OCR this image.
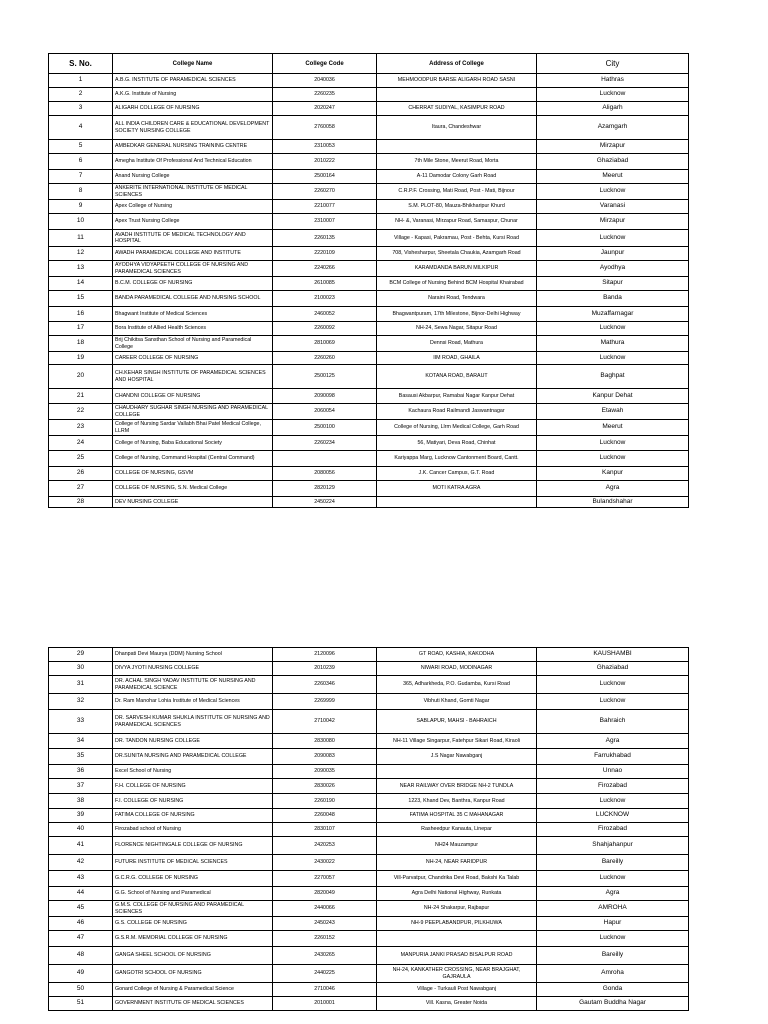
S. No.	College Name	College Code	Address of College	City
1	A.B.G. INSTITUTE OF PARAMEDICAL SCIENCES	2040036	MEHMOODPUR BARSE ALIGARH ROAD SASNI	Hathras
2	A.K.G. Institute of Nursing	2260235		Lucknow
3	ALIGARH COLLEGE OF NURSING	2020247	CHERRAT SUDIYAL, KASIMPUR ROAD	Aligarh
4	ALL INDIA CHILDREN CARE & EDUCATIONAL DEVELOPMENT SOCIETY NURSING COLLEGE	2760058	Itaura, Chandeshwar	Azamgarh
5	AMBEDKAR GENERAL NURSING TRAINING CENTRE	2310053		Mirzapur
6	Amegha Institute Of Professional And Technical Education	2010222	7th Mile Stone, Meerut Road, Morta	Ghaziabad
7	Anand Nursing College	2500164	A-11 Damodar Colony Garh Road	Meerut
8	ANKERITE INTERNATIONAL INSTITUTE OF MEDICAL SCIENCES	2260270	C.R.P.F. Crossing, Mati Road, Post - Mati, Bijnour	Lucknow
9	Apex College of Nursing	2210077	S.M. PLOT-80, Mauza-Bhikharipur Khurd	Varanasi
10	Apex Trust Nursing College	2310007	NH- &, Varanasi, Mirzapur Road, Samaspur, Chunar	Mirzapur
11	AVADH INSTITUTE OF MEDICAL TECHNOLOGY AND HOSPITAL	2260135	Village - Kapasi, Pakramau, Post - Behta, Kursi Road	Lucknow
12	AWADH PARAMEDICAL COLLEGE AND INSTITUTE	2220109	708, Vishesharpur, Sheetala Chaukia, Azamgarh Road	Jaunpur
13	AYODHYA VIDYAPEETH COLLEGE OF NURSING AND PARAMEDICAL SCIENCES	2240266	KARAMDANDA BARUN MILKIPUR	Ayodhya
14	B.C.M. COLLEGE OF NURSING	2610085	BCM College of Nursing Behind BCM Hospital Khairabad	Sitapur
15	BANDA PARAMEDICAL COLLEGE AND NURSING SCHOOL	2100023	Naraini Road, Tendwara	Banda
16	Bhagwant Institute of Medical Sciences	2460052	Bhagwantpuram, 17th Milestone, Bijnor-Delhi Highway	Muzaffarnagar
17	Bora Institute of Allied Health Sciences	2260092	NH-24, Sewa Nagar, Sitapur Road	Lucknow
18	Brij Chikitsa Sansthan School of Nursing and Paramedical College	2810069	Dennsi Road, Mathura	Mathura
19	CAREER COLLEGE OF NURSING	2260260	IIM ROAD, GHAILA	Lucknow
20	CH.KEHAR SINGH INSTITUTE OF PARAMEDICAL SCIENCES AND HOSPITAL	2500125	KOTANA ROAD, BARAUT	Baghpat
21	CHANDNI COLLEGE OF NURSING	2090098	Basausi Akbarpur, Ramabai Nagar Kanpur Dehat	Kanpur Dehat
22	CHAUDHARY SUGHAR SINGH NURSING AND PARAMEDICAL COLLEGE	2060054	Kachaura Road Railmandi Jaswantnagar	Etawah
23	College of Nursing Sardar Vallabh Bhai Patel Medical College, LLRM	2500100	College of Nursing, Llrm Medical College, Garh Road	Meerut
24	College of Nursing, Baba Educational Society	2260234	56, Matiyari, Deva Road, Chinhat	Lucknow
25	College of Nursing, Command Hospital (Central Command)		Kariyappa Marg, Lucknow Cantonment Board, Cantt.	Lucknow
26	COLLEGE OF NURSING, GSVM	2080056	J.K. Cancer Campus, G.T. Road	Kanpur
27	COLLEGE OF NURSING, S.N. Medical College	2820129	MOTI KATRA AGRA	Agra
28	DEV NURSING COLLEGE	2450224		Bulandshahar
29	Dhanpati Devi Maurya (DDM) Nursing School	2120096	GT ROAD, KASHIA, KAKODHA	KAUSHAMBI
30	DIVYA JYOTI NURSING COLLEGE	2010239	NIWARI ROAD, MODINAGAR	Ghaziabad
31	DR. ACHAL SINGH YADAV INSTITUTE OF NURSING AND PARAMEDICAL SCIENCE	2260346	365, Adharkheda, P.O. Gudamba, Kursi Road	Lucknow
32	Dr. Ram Manohar Lohia Institute of Medical Sciences	2269999	Vibhuti Khand, Gomti Nagar	Lucknow
33	DR. SARVESH KUMAR SHUKLA INSTITUTE OF NURSING AND PARAMEDICAL SCIENCES	2710042	SABLAPUR, MAHSI - BAHRAICH	Bahraich
34	DR. TANDON NURSING COLLEGE	2830080	NH-11 Village Singarpur, Fatehpur Sikari Road, Kiraoli	Agra
35	DR.SUNITA NURSING AND PARAMEDICAL COLLEGE	2090083	J.S Nagar Nawabganj	Farrukhabad
36	Excel School of Nursing	2090035		Unnao
37	F.H. COLLEGE OF NURSING	2830026	NEAR RAILWAY OVER BRIDGE NH-2 TUNDLA	Firozabad
38	F.I. COLLEGE OF NURSING	2260190	1223, Khand Dev, Banthra, Kanpur Road	Lucknow
39	FATIMA COLLEGE OF NURSING	2260048	FATIMA HOSPITAL 35 C MAHANAGAR	LUCKNOW
40	Firozabad school of Nursing	2830107	Rasheedpur Kanauta, Linepar	Firozabad
41	FLORENCE NIGHTINGALE COLLEGE OF NURSING	2420253	NH24 Mauzampur	Shahjahanpur
42	FUTURE INSTITUTE OF MEDICAL SCIENCES	2430022	NH-24, NEAR FARIDPUR	Bareilly
43	G.C.R.G. COLLEGE OF NURSING	2270057	Vill-Parvatpur, Chandrika Devi Road, Bakshi Ka Talab	Lucknow
44	G.G. School of Nursing and Paramedical	2820049	Agra Delhi National Highway, Runkata	Agra
45	G.M.S. COLLEGE OF NURSING AND PARAMEDICAL SCIENCES	2440066	NH-24 Shakarpur, Rajbapur	AMROHA
46	G.S. COLLEGE OF NURSING	2450243	NH-9 PEEPLABANDPUR, PILKHUWA	Hapur
47	G.S.R.M. MEMORIAL COLLEGE OF NURSING	2260152		Lucknow
48	GANGA SHEEL SCHOOL OF NURSING	2430265	MANPURIA JANKI PRASAD BISALPUR ROAD	Bareilly
49	GANGOTRI SCHOOL OF NURSING	2440225	NH-24, KANKATHER CROSSING, NEAR BRAJGHAT, GAJRAULA	Amroha
50	Gonard College of Nursing & Paramedical Science	2710046	Village - Turkauli Post Nawabganj	Gonda
51	GOVERNMENT INSTITUTE OF MEDICAL SCIENCES	2010001	Vill. Kasna, Greater Noida	Gautam Buddha Nagar
